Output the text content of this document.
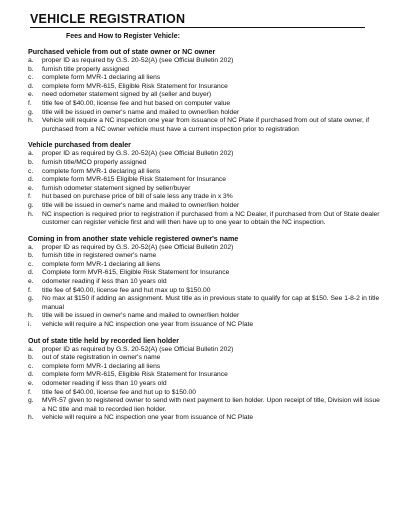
VEHICLE REGISTRATION
Fees and How to Register Vehicle:
Purchased vehicle from out of state owner or NC owner
a.	proper ID as required by G.S. 20-52(A) (see Official Bulletin 202)
b.	furnish title properly assigned
c.	complete form MVR-1 declaring all liens
d.	complete form MVR-615, Eligible Risk Statement for Insurance
e.	need odometer statement signed by all (seller and buyer)
f.	title fee of $40.00, license fee and hut based on computer value
g.	title will be issued in owner's name and mailed to owner/lien holder
h.	Vehicle will require a NC inspection one year from issuance of NC Plate if purchased from out of state owner, if purchased from a NC owner vehicle must have a current inspection prior to registration
Vehicle purchased from dealer
a.	proper ID as required by G.S. 20-52(A) (see Official Bulletin 202)
b.	furnish title/MCO properly assigned
c.	complete form MVR-1 declaring all liens
d.	complete form MVR-615 Eligible Risk Statement for Insurance
e.	furnish odometer statement signed by seller/buyer
f.	hut based on purchase price of bill of sale less any trade in x 3%
g.	title will be issued in owner's name and mailed to owner/lien holder
h.	NC inspection is required prior to registration if purchased from a NC Dealer, if purchased from Out of State dealer customer can register vehicle first and will then have up to one year to obtain the NC inspection.
Coming in from another state vehicle registered owner's name
a.	proper ID as required by G.S. 20-52(A) (see Official Bulletin 202)
b.	furnish title in registered owner's name
c.	complete form MVR-1 declaring all liens
d.	Complete form MVR-615, Eligible Risk Statement for Insurance
e.	odometer reading if less than 10 years old
f.	title fee of $40.00, license fee and hut max up to $150.00
g.	No max at $150 if adding an assignment. Must title as in previous state to qualify for cap at $150. See 1-8-2 in title manual
h.	title will be issued in owner's name and mailed to owner/lien holder
i.	vehicle will require a NC inspection one year from issuance of NC Plate
Out of state title held by recorded lien holder
a.	proper ID as required by G.S. 20-52(A) (see Official Bulletin 202)
b.	out of state registration in owner's name
c.	complete form MVR-1 declaring all liens
d.	complete form MVR-615, Eligible Risk Statement for Insurance
e.	odometer reading if less than 10 years old
f.	title fee of $40.00, license fee and hut up to $150.00
g.	MVR-57 given to registered owner to send with next payment to lien holder. Upon receipt of title, Division will issue a NC title and mail to recorded lien holder.
h.	vehicle will require a NC inspection one year from issuance of NC Plate
